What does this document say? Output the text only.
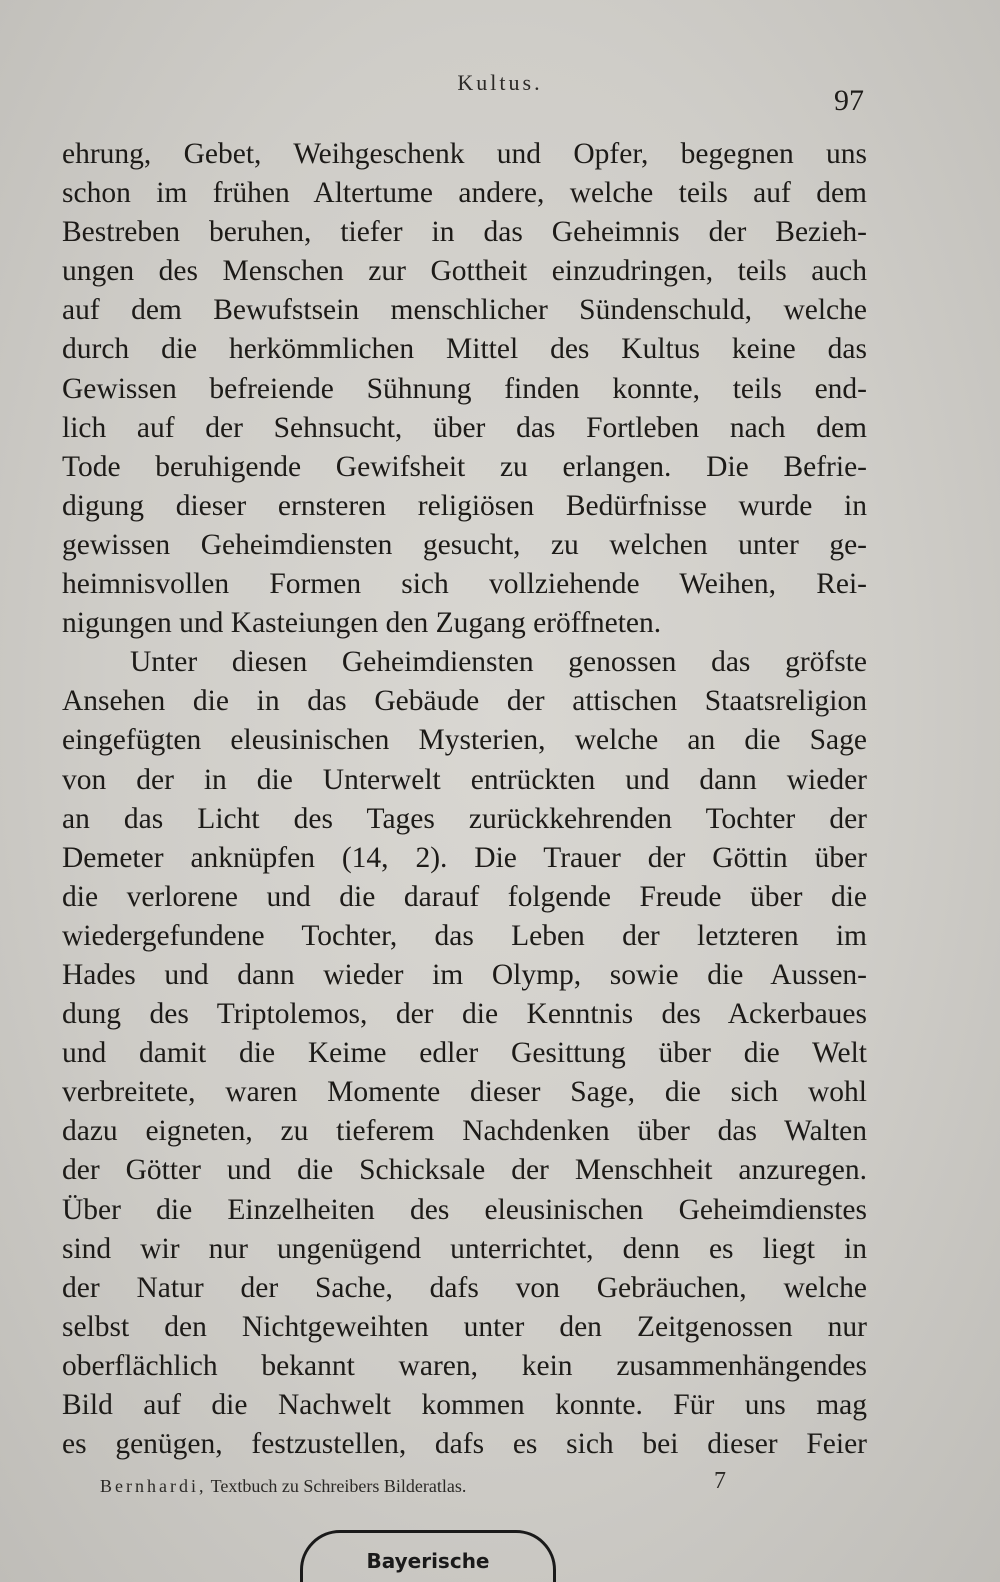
Kultus.
97
ehrung, Gebet, Weihgeschenk und Opfer, begegnen uns
schon im frühen Altertume andere, welche teils auf dem
Bestreben beruhen, tiefer in das Geheimnis der Bezieh-
ungen des Menschen zur Gottheit einzudringen, teils auch
auf dem Bewufstsein menschlicher Sündenschuld, welche
durch die herkömmlichen Mittel des Kultus keine das
Gewissen befreiende Sühnung finden konnte, teils end-
lich auf der Sehnsucht, über das Fortleben nach dem
Tode beruhigende Gewifsheit zu erlangen. Die Befrie-
digung dieser ernsteren religiösen Bedürfnisse wurde in
gewissen Geheimdiensten gesucht, zu welchen unter ge-
heimnisvollen Formen sich vollziehende Weihen, Rei-
nigungen und Kasteiungen den Zugang eröffneten.
Unter diesen Geheimdiensten genossen das gröfste
Ansehen die in das Gebäude der attischen Staatsreligion
eingefügten eleusinischen Mysterien, welche an die Sage
von der in die Unterwelt entrückten und dann wieder
an das Licht des Tages zurückkehrenden Tochter der
Demeter anknüpfen (14, 2). Die Trauer der Göttin über
die verlorene und die darauf folgende Freude über die
wiedergefundene Tochter, das Leben der letzteren im
Hades und dann wieder im Olymp, sowie die Aussen-
dung des Triptolemos, der die Kenntnis des Ackerbaues
und damit die Keime edler Gesittung über die Welt
verbreitete, waren Momente dieser Sage, die sich wohl
dazu eigneten, zu tieferem Nachdenken über das Walten
der Götter und die Schicksale der Menschheit anzuregen.
Über die Einzelheiten des eleusinischen Geheimdienstes
sind wir nur ungenügend unterrichtet, denn es liegt in
der Natur der Sache, dafs von Gebräuchen, welche
selbst den Nichtgeweihten unter den Zeitgenossen nur
oberflächlich bekannt waren, kein zusammenhängendes
Bild auf die Nachwelt kommen konnte. Für uns mag
es genügen, festzustellen, dafs es sich bei dieser Feier
Bernhardi, Textbuch zu Schreibers Bilderatlas.	7
Bayerische
